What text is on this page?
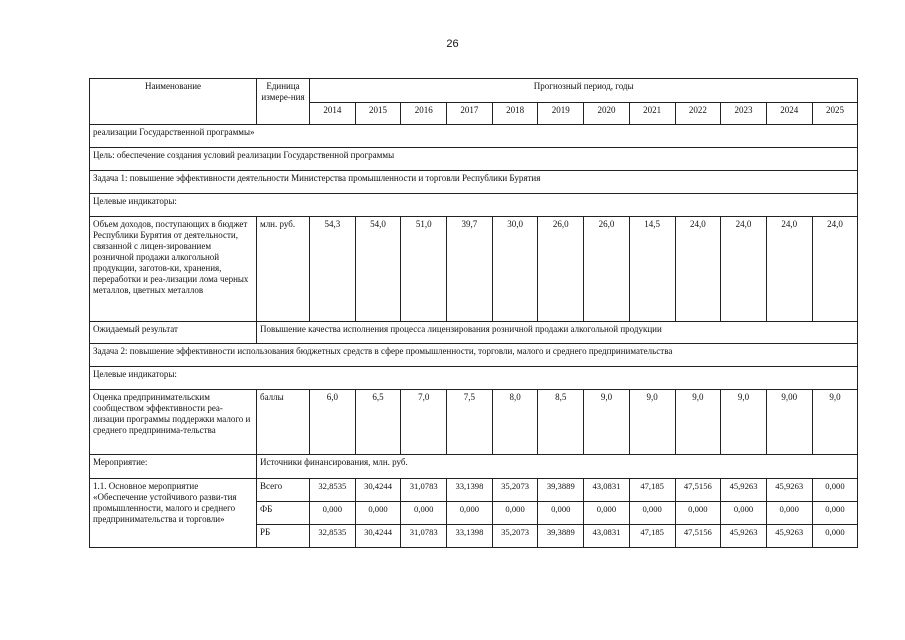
26
Наименование	Единица измере-ния	Прогнозный период, годы											
		2014	2015	2016	2017	2018	2019	2020	2021	2022	2023	2024	2025
реализации Государственной программы»													
Цель: обеспечение создания условий реализации Государственной программы													
Задача 1: повышение эффективности деятельности Министерства промышленности и торговли Республики Бурятия													
Целевые индикаторы:													
Объем доходов, поступающих в бюджет Республики Бурятия от деятельности, связанной с лицен-зированием розничной продажи алкогольной продукции, заготов-ки, хранения, переработки и реа-лизации лома черных металлов, цветных металлов	млн. руб.	54,3	54,0	51,0	39,7	30,0	26,0	26,0	14,5	24,0	24,0	24,0	24,0
Ожидаемый результат	Повышение качества исполнения процесса лицензирования розничной продажи алкогольной продукции												
Задача 2: повышение эффективности использования бюджетных средств в сфере промышленности, торговли, малого и среднего предпринимательства													
Целевые индикаторы:													
Оценка предпринимательским сообществом эффективности реа-лизации программы поддержки малого и среднего предпринима-тельства	баллы	6,0	6,5	7,0	7,5	8,0	8,5	9,0	9,0	9,0	9,0	9,00	9,0
Мероприятие:	Источники финансирования, млн. руб.												
1.1. Основное мероприятие «Обеспечение устойчивого разви-тия промышленности, малого и среднего предпринимательства и торговли»	Всего	32,8535	30,4244	31,0783	33,1398	35,2073	39,3889	43,0831	47,185	47,5156	45,9263	45,9263	0,000
	ФБ	0,000	0,000	0,000	0,000	0,000	0,000	0,000	0,000	0,000	0,000	0,000	0,000
	РБ	32,8535	30,4244	31,0783	33,1398	35,2073	39,3889	43,0831	47,185	47,5156	45,9263	45,9263	0,000
